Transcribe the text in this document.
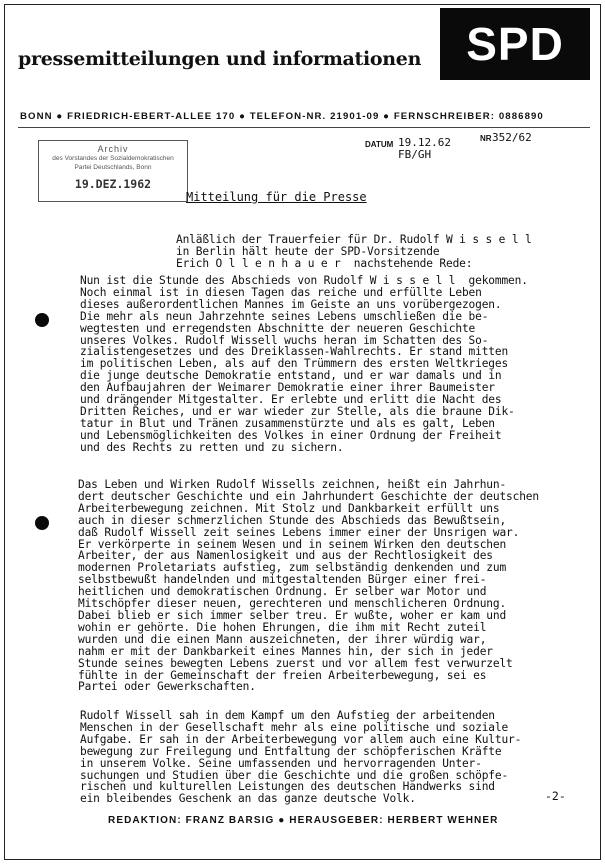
pressemitteilungen und informationen SPD
BONN ● FRIEDRICH-EBERT-ALLEE 170 ● TELEFON-NR. 21901-09 ● FERNSCHREIBER: 0886890
Archiv
des Vorstandes der Sozialdemokratischen
Partei Deutschlands, Bonn
19.DEZ.1962
DATUM 19.12.62	NR 352/62
FB/GH
Mitteilung für die Presse
Anläßlich der Trauerfeier für Dr. Rudolf W i s s e l l
in Berlin hält heute der SPD-Vorsitzende
Erich O l l e n h a u e r  nachstehende Rede:
Nun ist die Stunde des Abschieds von Rudolf W i s s e l l  gekommen.
Noch einmal ist in diesen Tagen das reiche und erfüllte Leben
dieses außerordentlichen Mannes im Geiste an uns vorübergezogen.
Die mehr als neun Jahrzehnte seines Lebens umschließen die be-
wegtesten und erregendsten Abschnitte der neueren Geschichte
unseres Volkes. Rudolf Wissell wuchs heran im Schatten des So-
zialistengesetzes und des Dreiklassen-Wahlrechts. Er stand mitten
im politischen Leben, als auf den Trümmern des ersten Weltkrieges
die junge deutsche Demokratie entstand, und er war damals und in
den Aufbaujahren der Weimarer Demokratie einer ihrer Baumeister
und drängender Mitgestalter. Er erlebte und erlitt die Nacht des
Dritten Reiches, und er war wieder zur Stelle, als die braune Dik-
tatur in Blut und Tränen zusammenstürzte und als es galt, Leben
und Lebensmöglichkeiten des Volkes in einer Ordnung der Freiheit
und des Rechts zu retten und zu sichern.
Das Leben und Wirken Rudolf Wissells zeichnen, heißt ein Jahrhun-
dert deutscher Geschichte und ein Jahrhundert Geschichte der deutschen
Arbeiterbewegung zeichnen. Mit Stolz und Dankbarkeit erfüllt uns
auch in dieser schmerzlichen Stunde des Abschieds das Bewußtsein,
daß Rudolf Wissell zeit seines Lebens immer einer der Unsrigen war.
Er verkörperte in seinem Wesen und in seinem Wirken den deutschen
Arbeiter, der aus Namenlosigkeit und aus der Rechtlosigkeit des
modernen Proletariats aufstieg, zum selbständig denkenden und zum
selbstbewußt handelnden und mitgestaltenden Bürger einer frei-
heitlichen und demokratischen Ordnung. Er selber war Motor und
Mitschöpfer dieser neuen, gerechteren und menschlicheren Ordnung.
Dabei blieb er sich immer selber treu. Er wußte, woher er kam und
wohin er gehörte. Die hohen Ehrungen, die ihm mit Recht zuteil
wurden und die einen Mann auszeichneten, der ihrer würdig war,
nahm er mit der Dankbarkeit eines Mannes hin, der sich in jeder
Stunde seines bewegten Lebens zuerst und vor allem fest verwurzelt
fühlte in der Gemeinschaft der freien Arbeiterbewegung, sei es
Partei oder Gewerkschaften.
Rudolf Wissell sah in dem Kampf um den Aufstieg der arbeitenden
Menschen in der Gesellschaft mehr als eine politische und soziale
Aufgabe. Er sah in der Arbeiterbewegung vor allem auch eine Kultur-
bewegung zur Freilegung und Entfaltung der schöpferischen Kräfte
in unserem Volke. Seine umfassenden und hervorragenden Unter-
suchungen und Studien über die Geschichte und die großen schöpfe-
rischen und kulturellen Leistungen des deutschen Handwerks sind
ein bleibendes Geschenk an das ganze deutsche Volk.	-2-
REDAKTION: FRANZ BARSIG ● HERAUSGEBER: HERBERT WEHNER
